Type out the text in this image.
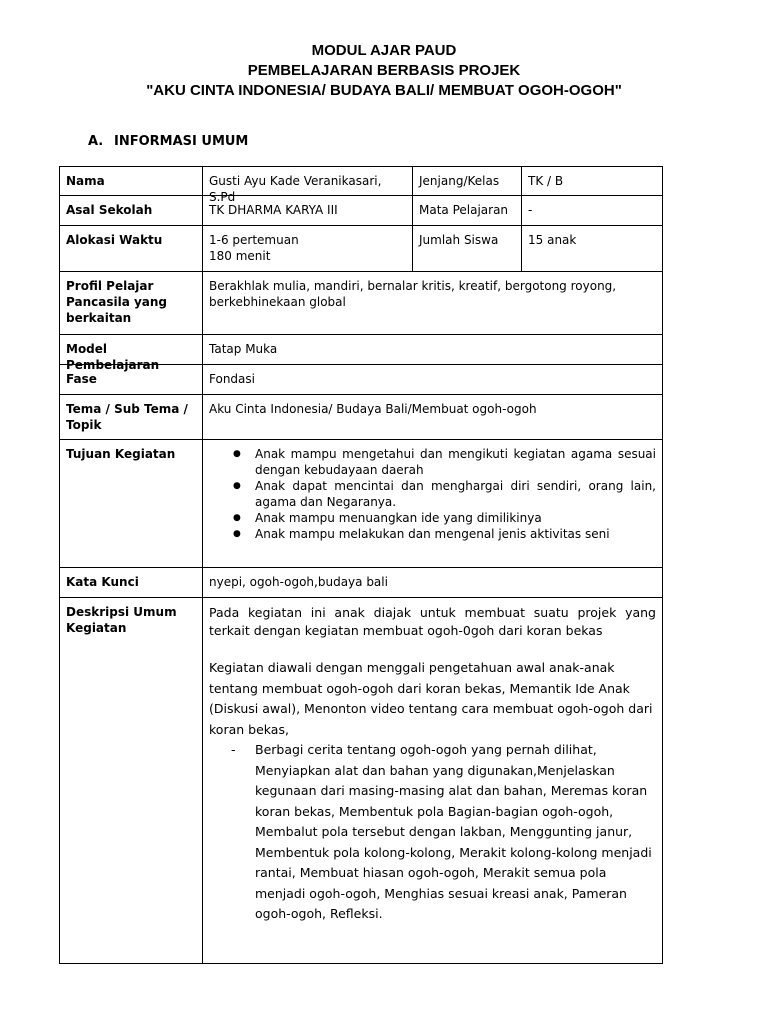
MODUL AJAR PAUD
PEMBELAJARAN BERBASIS PROJEK
"AKU CINTA INDONESIA/ BUDAYA BALI/ MEMBUAT OGOH-OGOH"
A. INFORMASI UMUM
Nama	Gusti Ayu Kade Veranikasari, S.Pd
Jenjang/Kelas	TK / B
Asal Sekolah	TK DHARMA KARYA III	Mata Pelajaran	-
Alokasi Waktu	1-6 pertemuan
180 menit
Jumlah Siswa	15 anak
Profil Pelajar Pancasila yang berkaitan
Berakhlak mulia, mandiri, bernalar kritis, kreatif, bergotong royong, berkebhinekaan global
Model Pembelajaran
Tatap Muka
Fase	Fondasi
Tema / Sub Tema / Topik
Aku Cinta Indonesia/ Budaya Bali/Membuat ogoh-ogoh
Tujuan Kegiatan
●	Anak mampu mengetahui dan mengikuti kegiatan agama sesuai dengan kebudayaan daerah
● Anak dapat mencintai dan menghargai diri sendiri, orang lain, agama dan Negaranya.
● Anak mampu menuangkan ide yang dimilikinya
● Anak mampu melakukan dan mengenal jenis aktivitas seni
Kata Kunci	nyepi, ogoh-ogoh,budaya bali
Deskripsi Umum Kegiatan

Pada kegiatan ini anak diajak untuk membuat suatu projek yang terkait dengan kegiatan membuat ogoh-0goh dari koran bekas

Kegiatan diawali dengan menggali pengetahuan awal anak-anak tentang membuat ogoh-ogoh dari koran bekas, Memantik Ide Anak (Diskusi awal), Menonton video tentang cara membuat ogoh-ogoh dari koran bekas,

- Berbagi cerita tentang ogoh-ogoh yang pernah dilihat, Menyiapkan alat dan bahan yang digunakan,Menjelaskan kegunaan dari masing-masing alat dan bahan, Meremas koran koran bekas, Membentuk pola Bagian-bagian ogoh-ogoh, Membalut pola tersebut dengan lakban, Menggunting janur, Membentuk pola kolong-kolong, Merakit kolong-kolong menjadi rantai, Membuat hiasan ogoh-ogoh, Merakit semua pola menjadi ogoh-ogoh, Menghias sesuai kreasi anak, Pameran ogoh-ogoh, Refleksi.
